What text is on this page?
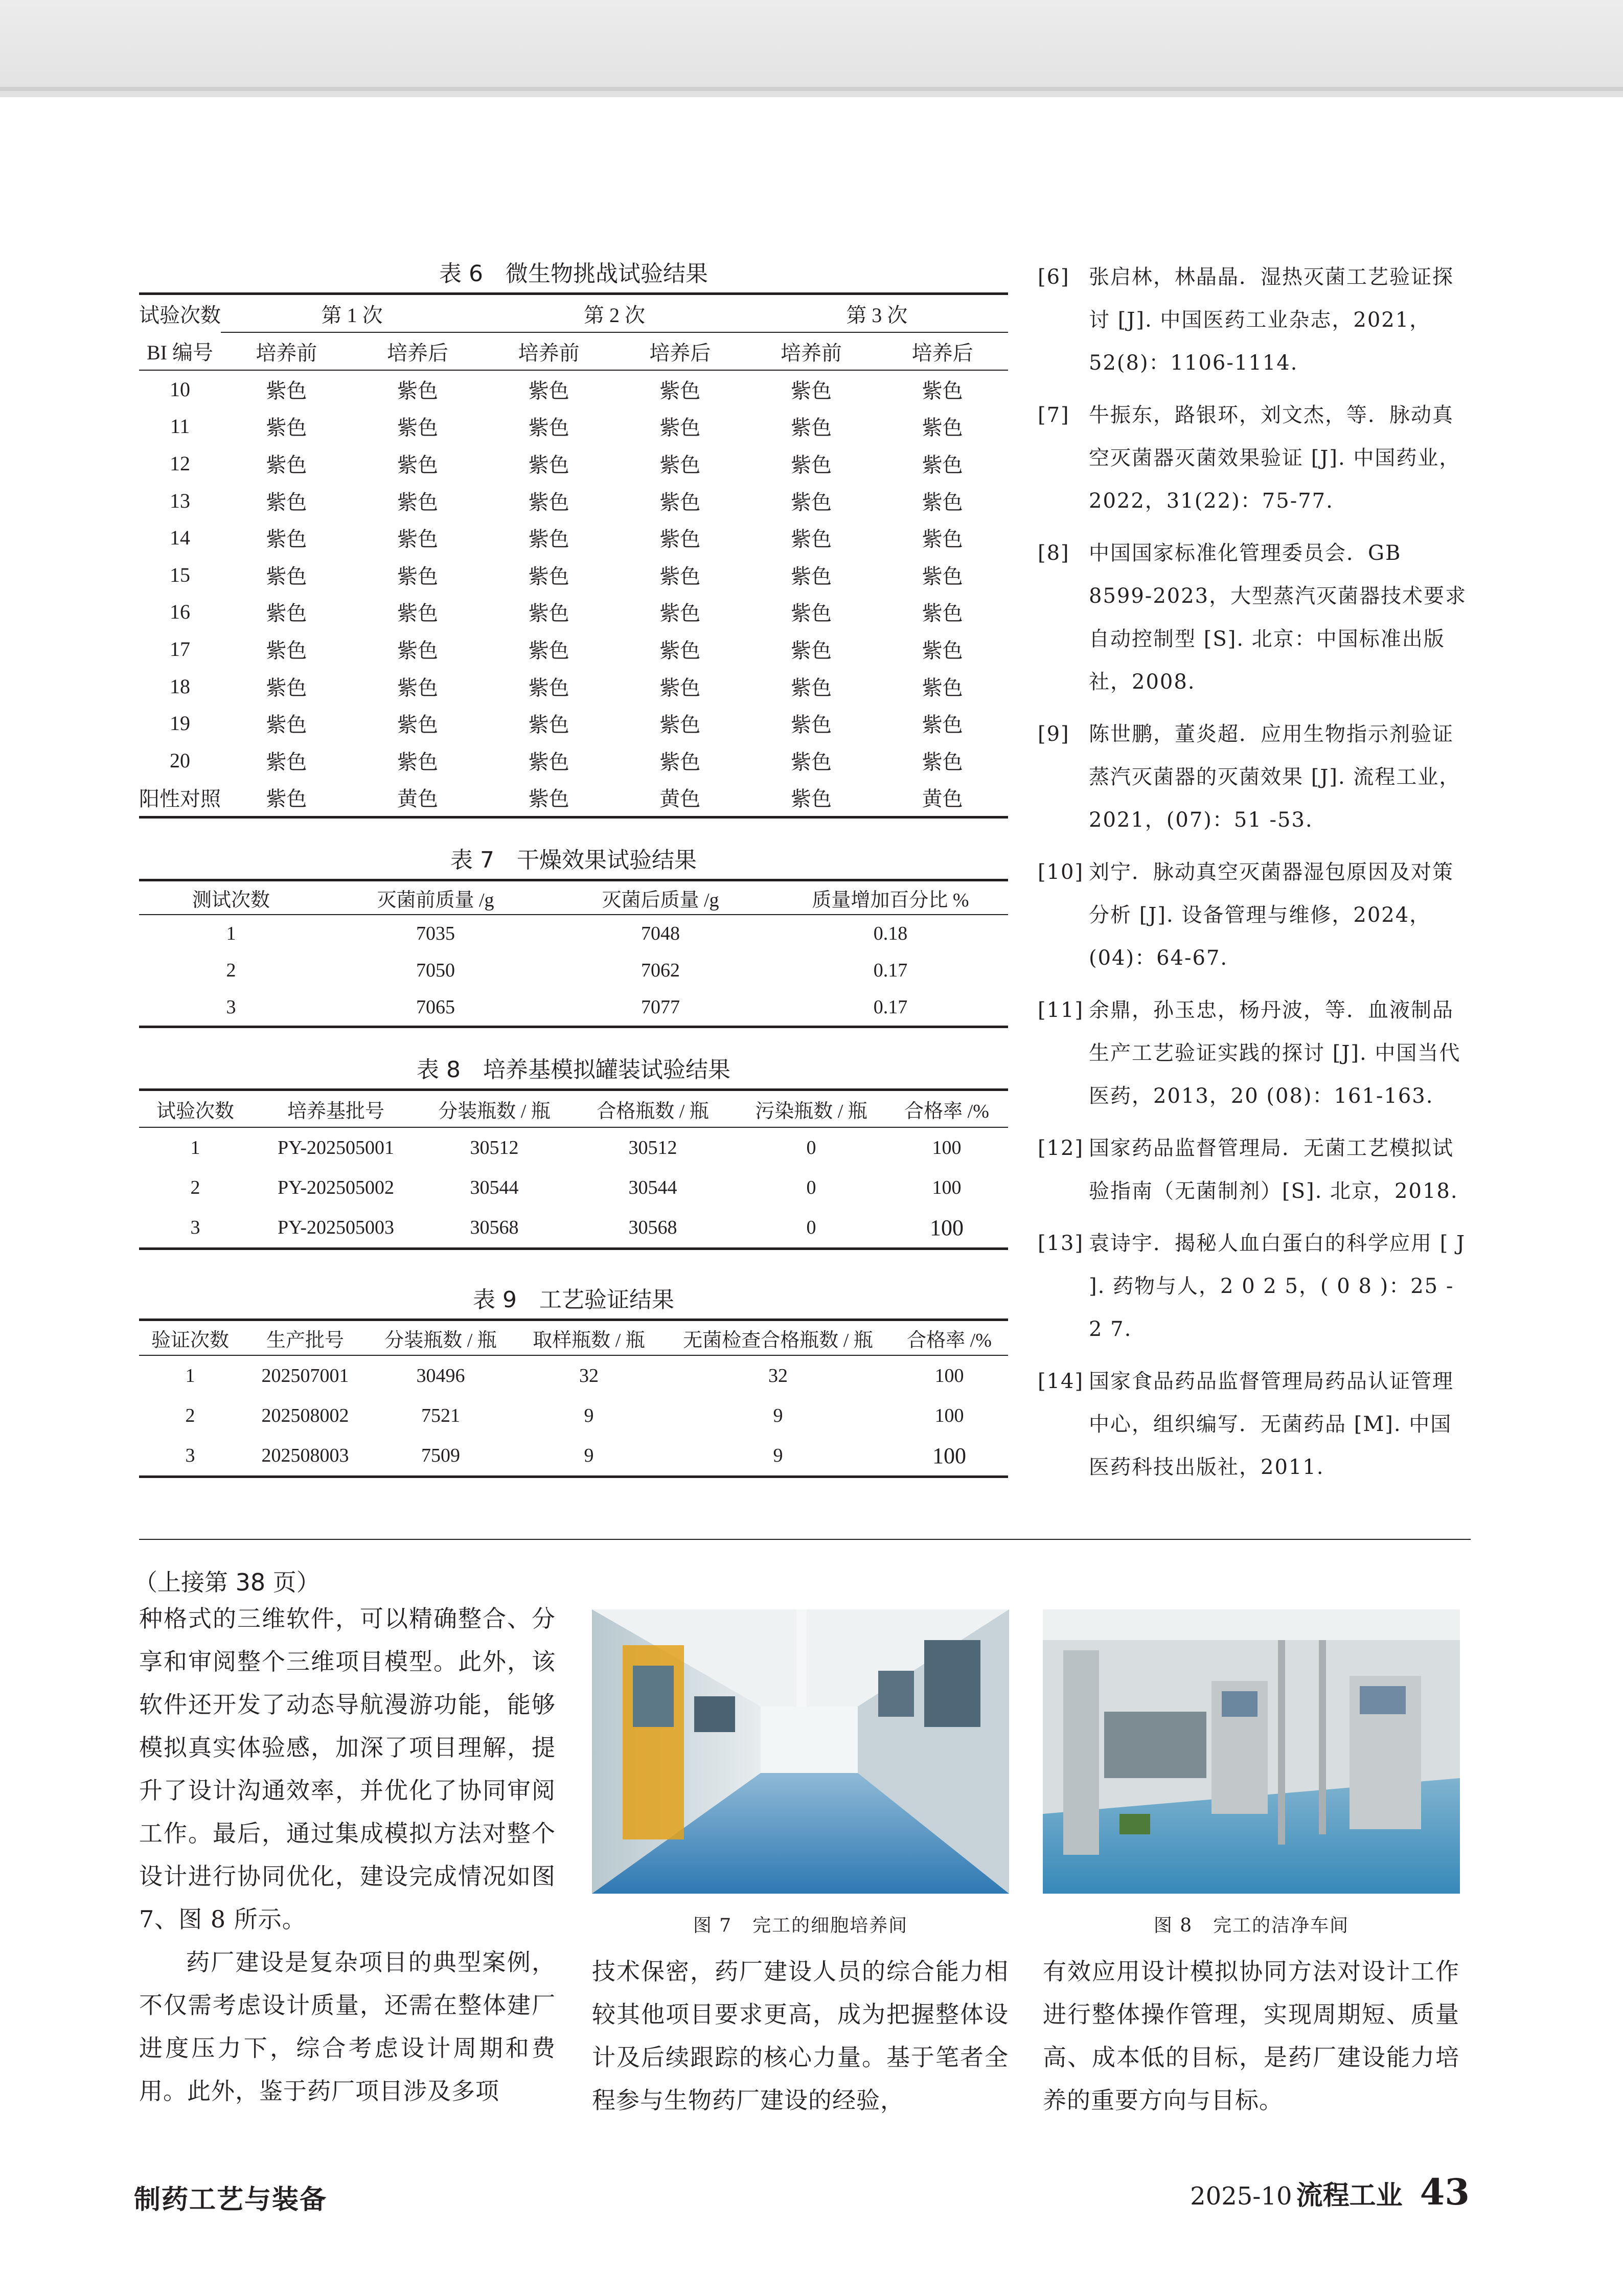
表 6 微生物挑战试验结果
试验次数	第 1 次		第 2 次		第 3 次	
BI 编号	培养前	培养后	培养前	培养后	培养前	培养后
10	紫色	紫色	紫色	紫色	紫色	紫色
11	紫色	紫色	紫色	紫色	紫色	紫色
12	紫色	紫色	紫色	紫色	紫色	紫色
13	紫色	紫色	紫色	紫色	紫色	紫色
14	紫色	紫色	紫色	紫色	紫色	紫色
15	紫色	紫色	紫色	紫色	紫色	紫色
16	紫色	紫色	紫色	紫色	紫色	紫色
17	紫色	紫色	紫色	紫色	紫色	紫色
18	紫色	紫色	紫色	紫色	紫色	紫色
19	紫色	紫色	紫色	紫色	紫色	紫色
20	紫色	紫色	紫色	紫色	紫色	紫色
阳性对照	紫色	黄色	紫色	黄色	紫色	黄色
表 7 干燥效果试验结果
测试次数	灭菌前质量 /g	灭菌后质量 /g	质量增加百分比 %
1	7035	7048	0.18
2	7050	7062	0.17
3	7065	7077	0.17
表 8 培养基模拟罐装试验结果
试验次数	培养基批号	分装瓶数 / 瓶	合格瓶数 / 瓶	污染瓶数 / 瓶	合格率 /%
1	PY-202505001	30512	30512	0	100
2	PY-202505002	30544	30544	0	100
3	PY-202505003	30568	30568	0	100
表 9 工艺验证结果
验证次数	生产批号	分装瓶数 / 瓶	取样瓶数 / 瓶	无菌检查合格瓶数 / 瓶	合格率 /%
1	202507001	30496	32	32	100
2	202508002	7521	9	9	100
3	202508003	7509	9	9	100
[6] 张启林，林晶晶．湿热灭菌工艺验证探讨 [J]. 中国医药工业杂志，2021，52(8)：1106-1114.
[7] 牛振东，路银环，刘文杰，等．脉动真空灭菌器灭菌效果验证 [J]. 中国药业，2022，31(22)：75-77.
[8] 中国国家标准化管理委员会．GB 8599-2023，大型蒸汽灭菌器技术要求自动控制型 [S]. 北京：中国标准出版社，2008.
[9] 陈世鹏，董炎超．应用生物指示剂验证蒸汽灭菌器的灭菌效果 [J]. 流程工业，2021，(07)：51 -53.
[10] 刘宁．脉动真空灭菌器湿包原因及对策分析 [J]. 设备管理与维修，2024，(04)：64-67.
[11] 余鼎，孙玉忠，杨丹波，等．血液制品生产工艺验证实践的探讨 [J]. 中国当代医药，2013，20 (08)：161-163.
[12] 国家药品监督管理局．无菌工艺模拟试验指南（无菌制剂）[S]. 北京，2018.
[13] 袁诗宇．揭秘人血白蛋白的科学应用 [ J ]. 药物与人，2 0 2 5，( 0 8 )：25 - 2 7.
[14] 国家食品药品监督管理局药品认证管理中心，组织编写．无菌药品 [M]. 中国医药科技出版社，2011.
（上接第 38 页）

种格式的三维软件，可以精确整合、分享和审阅整个三维项目模型。此外，该软件还开发了动态导航漫游功能，能够模拟真实体验感，加深了项目理解，提升了设计沟通效率，并优化了协同审阅工作。最后，通过集成模拟方法对整个设计进行协同优化，建设完成情况如图 7、图 8 所示。

药厂建设是复杂项目的典型案例，不仅需考虑设计质量，还需在整体建厂进度压力下，综合考虑设计周期和费用。此外，鉴于药厂项目涉及多项

图 7 完工的细胞培养间	图 8 完工的洁净车间

技术保密，药厂建设人员的综合能力相较其他项目要求更高，成为把握整体设计及后续跟踪的核心力量。基于笔者全程参与生物药厂建设的经验，

有效应用设计模拟协同方法对设计工作进行整体操作管理，实现周期短、质量高、成本低的目标，是药厂建设能力培养的重要方向与目标。

制药工艺与装备	2025-10 流程工业 43
